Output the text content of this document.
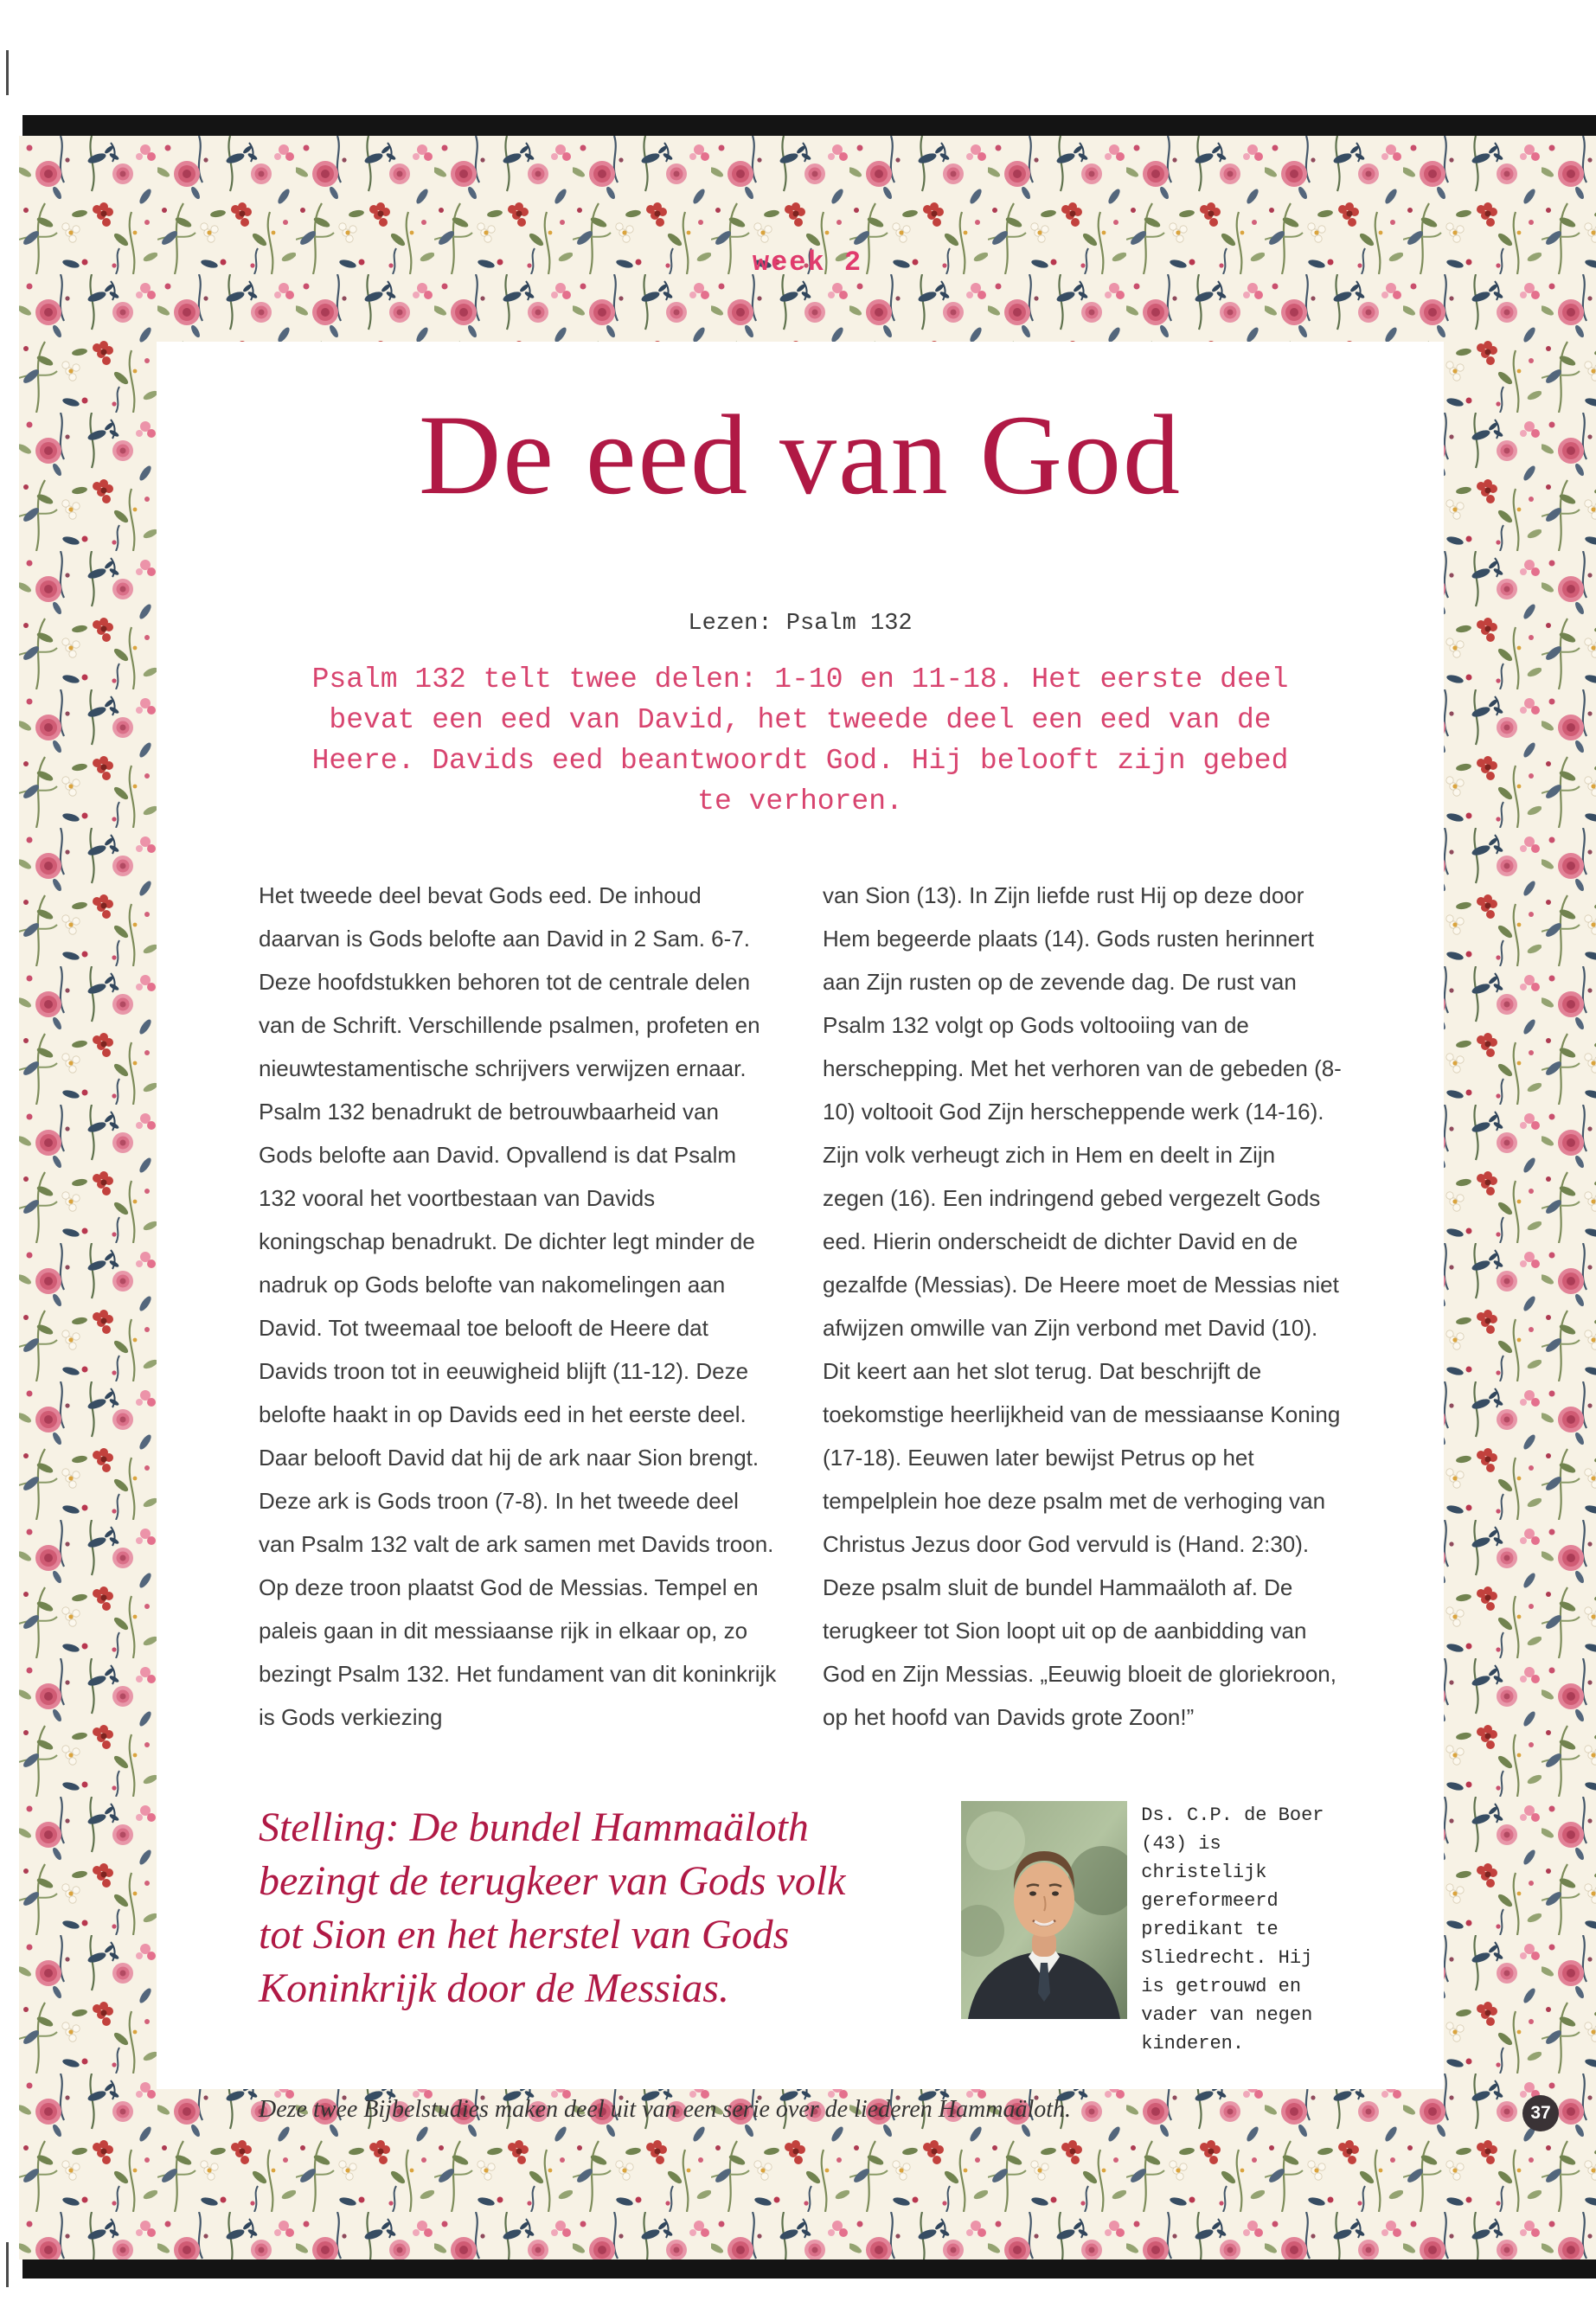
week 2
De eed van God
Lezen: Psalm 132

Psalm 132 telt twee delen: 1-10 en 11-18. Het eerste deel bevat een eed van David, het tweede deel een eed van de Heere. Davids eed beantwoordt God. Hij belooft zijn gebed te verhoren.

Het tweede deel bevat Gods eed. De inhoud daarvan is Gods belofte aan David in 2 Sam. 6-7. Deze hoofdstukken behoren tot de centrale delen van de Schrift. Verschillende psalmen, profeten en nieuwtestamentische schrijvers verwijzen ernaar. Psalm 132 benadrukt de betrouwbaarheid van Gods belofte aan David. Opvallend is dat Psalm 132 vooral het voortbestaan van Davids koningschap benadrukt. De dichter legt minder de nadruk op Gods belofte van nakomelingen aan David. Tot tweemaal toe belooft de Heere dat Davids troon tot in eeuwigheid blijft (11-12). Deze belofte haakt in op Davids eed in het eerste deel. Daar belooft David dat hij de ark naar Sion brengt. Deze ark is Gods troon (7-8). In het tweede deel van Psalm 132 valt de ark samen met Davids troon. Op deze troon plaatst God de Messias. Tempel en paleis gaan in dit messiaanse rijk in elkaar op, zo bezingt Psalm 132. Het fundament van dit koninkrijk is Gods verkiezing
van Sion (13). In Zijn liefde rust Hij op deze door Hem begeerde plaats (14). Gods rusten herinnert aan Zijn rusten op de zevende dag. De rust van Psalm 132 volgt op Gods voltooiing van de herschepping. Met het verhoren van de gebeden (8-10) voltooit God Zijn herscheppende werk (14-16). Zijn volk verheugt zich in Hem en deelt in Zijn zegen (16). Een indringend gebed vergezelt Gods eed. Hierin onderscheidt de dichter David en de gezalfde (Messias). De Heere moet de Messias niet afwijzen omwille van Zijn verbond met David (10). Dit keert aan het slot terug. Dat beschrijft de toekomstige heerlijkheid van de messiaanse Koning (17-18). Eeuwen later bewijst Petrus op het tempelplein hoe deze psalm met de verhoging van Christus Jezus door God vervuld is (Hand. 2:30). Deze psalm sluit de bundel Hammaäloth af. De terugkeer tot Sion loopt uit op de aanbidding van God en Zijn Messias. „Eeuwig bloeit de gloriekroon, op het hoofd van Davids grote Zoon!”
Stelling: De bundel Hammaäloth bezingt de terugkeer van Gods volk tot Sion en het herstel van Gods Koninkrijk door de Messias.
Ds. C.P. de Boer (43) is christelijk gereformeerd predikant te Sliedrecht. Hij is getrouwd en vader van negen kinderen.

Deze twee Bijbelstudies maken deel uit van een serie over de liederen Hammaäloth.	37
